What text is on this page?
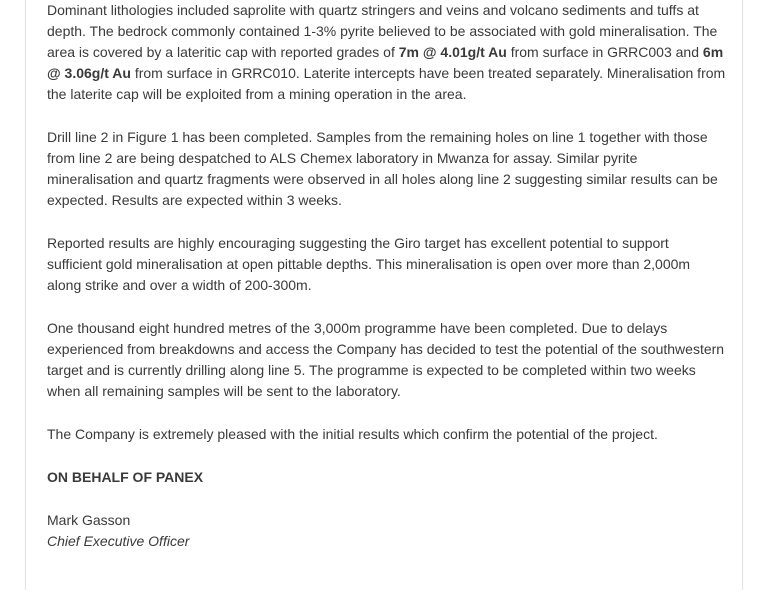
Dominant lithologies included saprolite with quartz stringers and veins and volcano sediments and tuffs at depth. The bedrock commonly contained 1-3% pyrite believed to be associated with gold mineralisation. The area is covered by a lateritic cap with reported grades of 7m @ 4.01g/t Au from surface in GRRC003 and 6m @ 3.06g/t Au from surface in GRRC010. Laterite intercepts have been treated separately. Mineralisation from the laterite cap will be exploited from a mining operation in the area.

Drill line 2 in Figure 1 has been completed. Samples from the remaining holes on line 1 together with those from line 2 are being despatched to ALS Chemex laboratory in Mwanza for assay. Similar pyrite mineralisation and quartz fragments were observed in all holes along line 2 suggesting similar results can be expected. Results are expected within 3 weeks.

Reported results are highly encouraging suggesting the Giro target has excellent potential to support sufficient gold mineralisation at open pittable depths. This mineralisation is open over more than 2,000m along strike and over a width of 200-300m.

One thousand eight hundred metres of the 3,000m programme have been completed. Due to delays experienced from breakdowns and access the Company has decided to test the potential of the southwestern target and is currently drilling along line 5. The programme is expected to be completed within two weeks when all remaining samples will be sent to the laboratory.

The Company is extremely pleased with the initial results which confirm the potential of the project.

ON BEHALF OF PANEX

Mark Gasson
Chief Executive Officer
